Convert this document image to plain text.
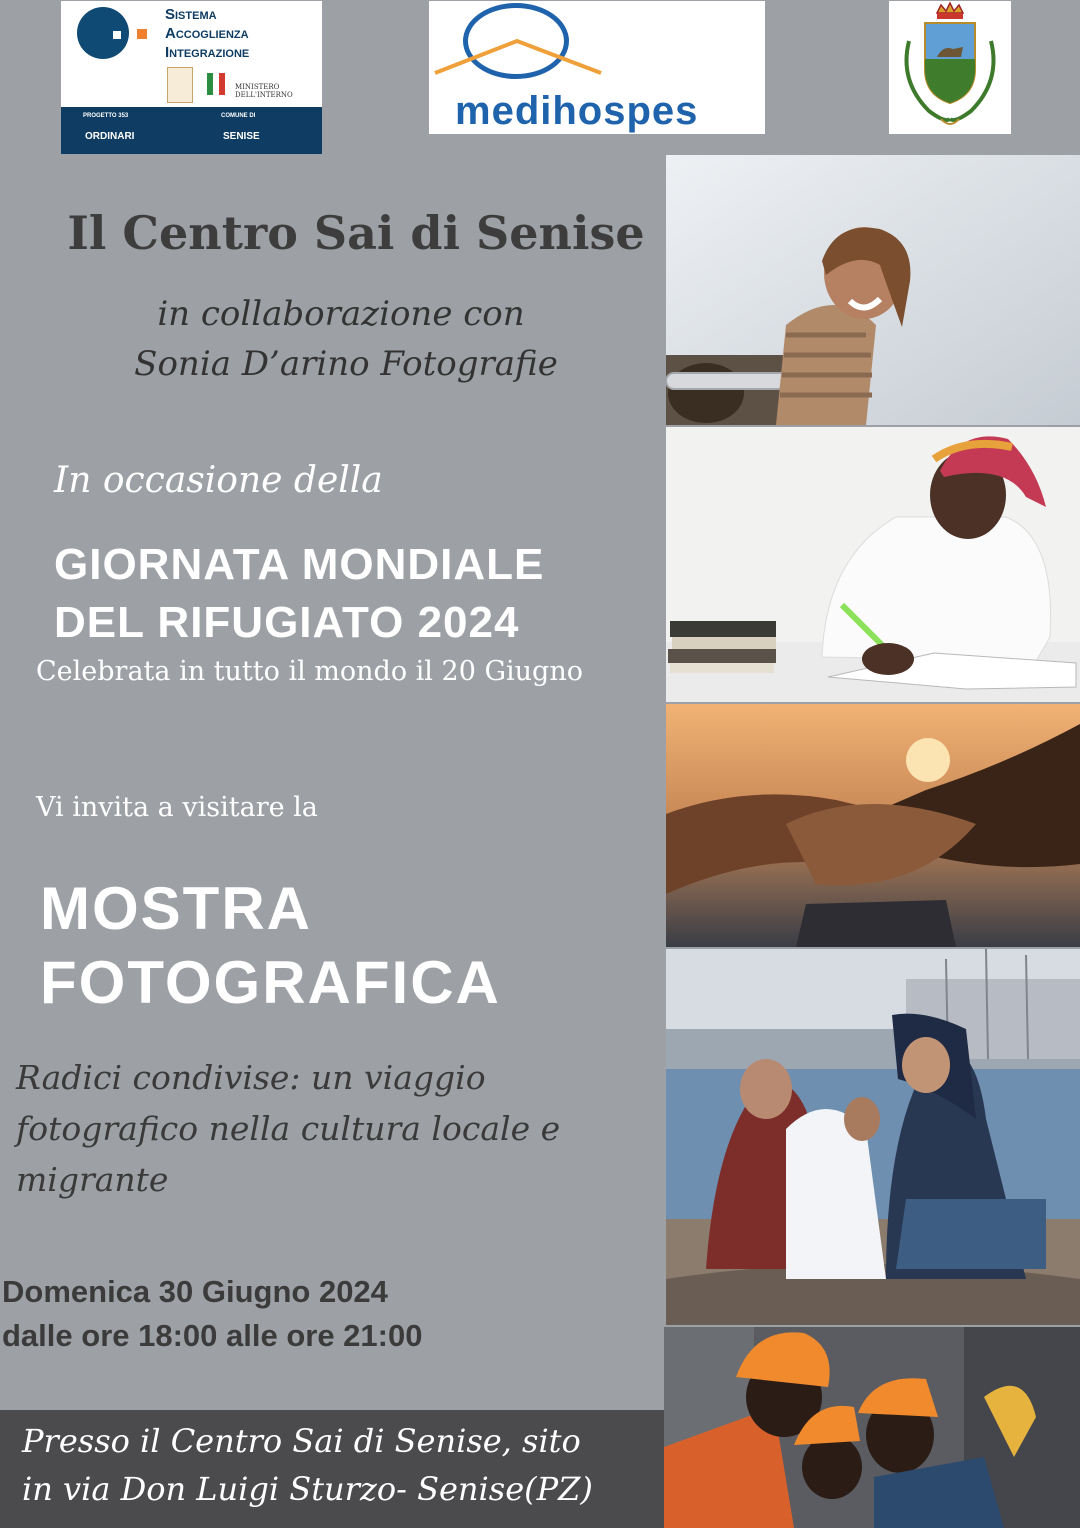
Sistema
Accoglienza
Integrazione
MINISTERO
DELL'INTERNO
PROGETTO 353
ORDINARI
COMUNE DI
SENISE
medihospes
Il Centro Sai di Senise

in collaborazione con

Sonia D’arino Fotografie

In occasione della

GIORNATA MONDIALE

DEL RIFUGIATO 2024

Celebrata in tutto il mondo il 20 Giugno

Vi invita a visitare la

MOSTRA

FOTOGRAFICA

Radici condivise: un viaggio fotografico nella cultura locale e migrante

Domenica 30 Giugno 2024

dalle ore 18:00 alle ore 21:00

Presso il Centro Sai di Senise, sito

in via Don Luigi Sturzo- Senise(PZ)
